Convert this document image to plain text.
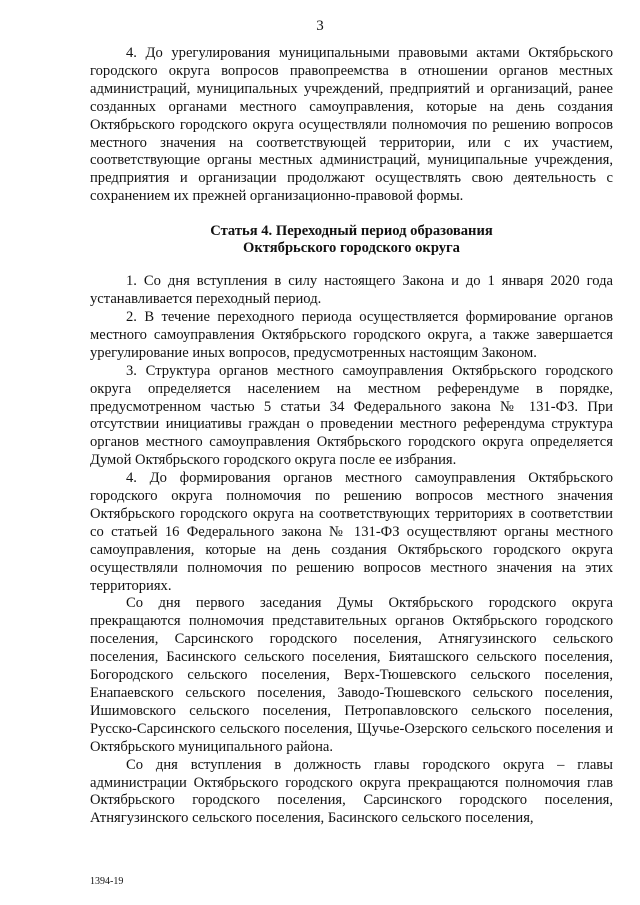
3

4. До урегулирования муниципальными правовыми актами Октябрьского городского округа вопросов правопреемства в отношении органов местных администраций, муниципальных учреждений, предприятий и организаций, ранее созданных органами местного самоуправления, которые на день создания Октябрьского городского округа осуществляли полномочия по решению вопросов местного значения на соответствующей территории, или с их участием, соответствующие органы местных администраций, муниципальные учреждения, предприятия и организации продолжают осуществлять свою деятельность с сохранением их прежней организационно-правовой формы.

Статья 4. Переходный период образования
Октябрьского городского округа

1. Со дня вступления в силу настоящего Закона и до 1 января 2020 года устанавливается переходный период.

2. В течение переходного периода осуществляется формирование органов местного самоуправления Октябрьского городского округа, а также завершается урегулирование иных вопросов, предусмотренных настоящим Законом.

3. Структура органов местного самоуправления Октябрьского городского округа определяется населением на местном референдуме в порядке, предусмотренном частью 5 статьи 34 Федерального закона № 131-ФЗ. При отсутствии инициативы граждан о проведении местного референдума структура органов местного самоуправления Октябрьского городского округа определяется Думой Октябрьского городского округа после ее избрания.

4. До формирования органов местного самоуправления Октябрьского городского округа полномочия по решению вопросов местного значения Октябрьского городского округа на соответствующих территориях в соответствии со статьей 16 Федерального закона № 131-ФЗ осуществляют органы местного самоуправления, которые на день создания Октябрьского городского округа осуществляли полномочия по решению вопросов местного значения на этих территориях.

Со дня первого заседания Думы Октябрьского городского округа прекращаются полномочия представительных органов Октябрьского городского поселения, Сарсинского городского поселения, Атнягузинского сельского поселения, Басинского сельского поселения, Бияташского сельского поселения, Богородского сельского поселения, Верх-Тюшевского сельского поселения, Енапаевского сельского поселения, Заводо-Тюшевского сельского поселения, Ишимовского сельского поселения, Петропавловского сельского поселения, Русско-Сарсинского сельского поселения, Щучье-Озерского сельского поселения и Октябрьского муниципального района.

Со дня вступления в должность главы городского округа – главы администрации Октябрьского городского округа прекращаются полномочия глав Октябрьского городского поселения, Сарсинского городского поселения, Атнягузинского сельского поселения, Басинского сельского поселения,

1394-19
